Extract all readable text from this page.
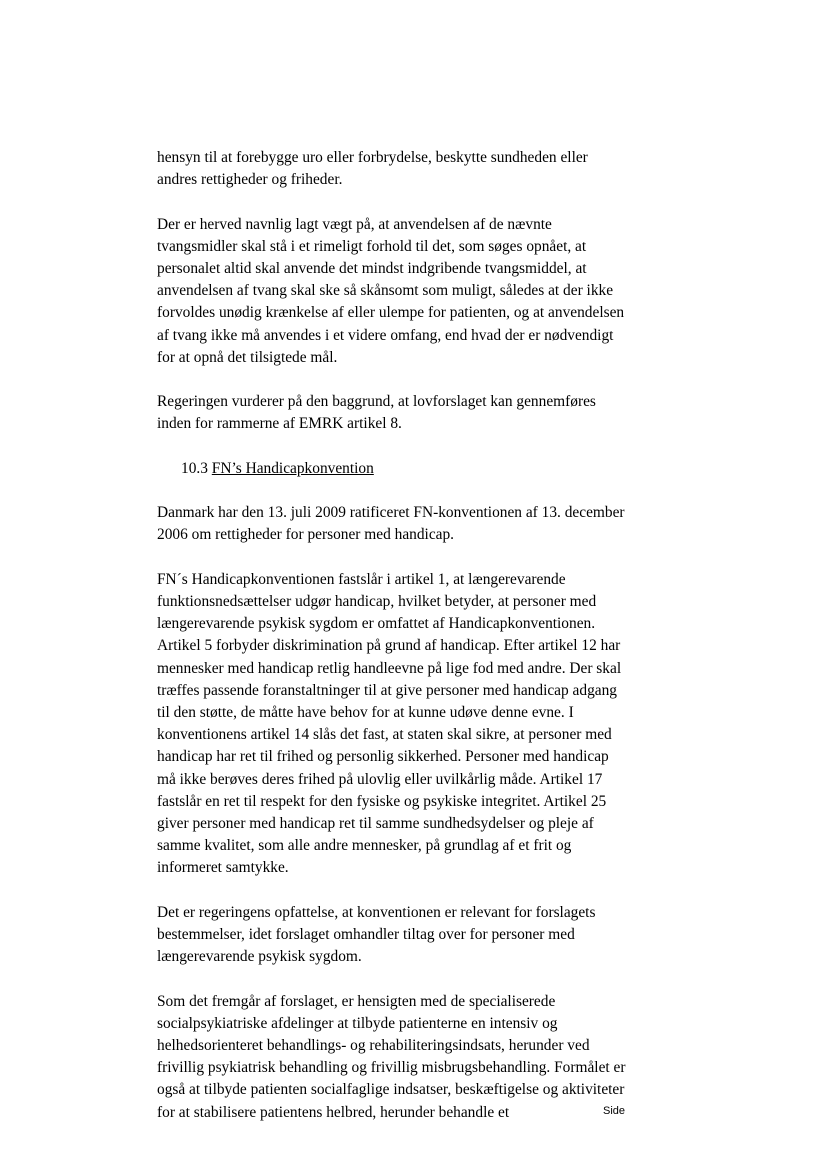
hensyn til at forebygge uro eller forbrydelse, beskytte sundheden eller
andres rettigheder og friheder.

Der er herved navnlig lagt vægt på, at anvendelsen af de nævnte
tvangsmidler skal stå i et rimeligt forhold til det, som søges opnået, at
personalet altid skal anvende det mindst indgribende tvangsmiddel, at
anvendelsen af tvang skal ske så skånsomt som muligt, således at der ikke
forvoldes unødig krænkelse af eller ulempe for patienten, og at anvendelsen
af tvang ikke må anvendes i et videre omfang, end hvad der er nødvendigt
for at opnå det tilsigtede mål.

Regeringen vurderer på den baggrund, at lovforslaget kan gennemføres
inden for rammerne af EMRK artikel 8.

10.3 FN’s Handicapkonvention

Danmark har den 13. juli 2009 ratificeret FN-konventionen af 13. december
2006 om rettigheder for personer med handicap.

FN´s Handicapkonventionen fastslår i artikel 1, at længerevarende
funktionsnedsættelser udgør handicap, hvilket betyder, at personer med
længerevarende psykisk sygdom er omfattet af Handicapkonventionen.
Artikel 5 forbyder diskrimination på grund af handicap. Efter artikel 12 har
mennesker med handicap retlig handleevne på lige fod med andre. Der skal
træffes passende foranstaltninger til at give personer med handicap adgang
til den støtte, de måtte have behov for at kunne udøve denne evne. I
konventionens artikel 14 slås det fast, at staten skal sikre, at personer med
handicap har ret til frihed og personlig sikkerhed. Personer med handicap
må ikke berøves deres frihed på ulovlig eller uvilkårlig måde. Artikel 17
fastslår en ret til respekt for den fysiske og psykiske integritet. Artikel 25
giver personer med handicap ret til samme sundhedsydelser og pleje af
samme kvalitet, som alle andre mennesker, på grundlag af et frit og
informeret samtykke.

Det er regeringens opfattelse, at konventionen er relevant for forslagets
bestemmelser, idet forslaget omhandler tiltag over for personer med
længerevarende psykisk sygdom.

Som det fremgår af forslaget, er hensigten med de specialiserede
socialpsykiatriske afdelinger at tilbyde patienterne en intensiv og
helhedsorienteret behandlings- og rehabiliteringsindsats, herunder ved
frivillig psykiatrisk behandling og frivillig misbrugsbehandling. Formålet er
også at tilbyde patienten socialfaglige indsatser, beskæftigelse og aktiviteter
for at stabilisere patientens helbred, herunder behandle et	Side
